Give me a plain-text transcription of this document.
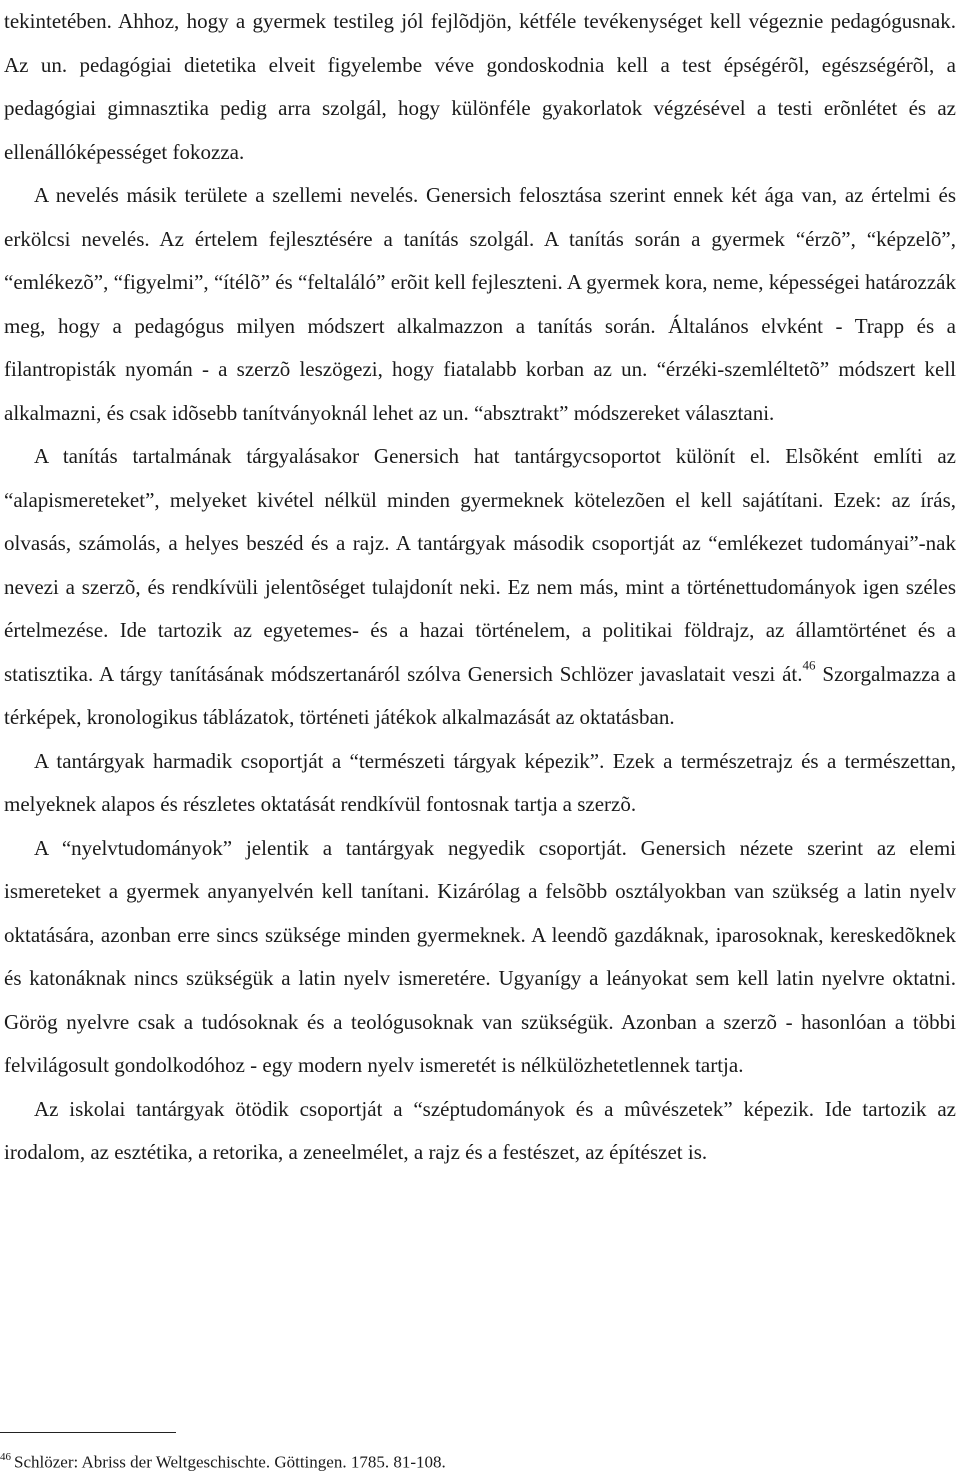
tekintetében. Ahhoz, hogy a gyermek testileg jól fejlõdjön, kétféle tevékenységet kell végeznie pedagógusnak. Az un. pedagógiai dietetika elveit figyelembe véve gondoskodnia kell a test épségérõl, egészségérõl, a pedagógiai gimnasztika pedig arra szolgál, hogy különféle gyakorlatok végzésével a testi erõnlétet és az ellenállóképességet fokozza.

A nevelés másik területe a szellemi nevelés. Genersich felosztása szerint ennek két ága van, az értelmi és erkölcsi nevelés. Az értelem fejlesztésére a tanítás szolgál. A tanítás során a gyermek “érzõ”, “képzelõ”, “emlékezõ”, “figyelmi”, “ítélõ” és “feltaláló” erõit kell fejleszteni. A gyermek kora, neme, képességei határozzák meg, hogy a pedagógus milyen módszert alkalmazzon a tanítás során. Általános elvként - Trapp és a filantropisták nyomán - a szerzõ leszögezi, hogy fiatalabb korban az un. “érzéki-szemléltetõ” módszert kell alkalmazni, és csak idõsebb tanítványoknál lehet az un. “absztrakt” módszereket választani.

A tanítás tartalmának tárgyalásakor Genersich hat tantárgycsoportot különít el. Elsõként említi az “alapismereteket”, melyeket kivétel nélkül minden gyermeknek kötelezõen el kell sajátítani. Ezek: az írás, olvasás, számolás, a helyes beszéd és a rajz. A tantárgyak második csoportját az “emlékezet tudományai”-nak nevezi a szerzõ, és rendkívüli jelentõséget tulajdonít neki. Ez nem más, mint a történettudományok igen széles értelmezése. Ide tartozik az egyetemes- és a hazai történelem, a politikai földrajz, az államtörténet és a statisztika. A tárgy tanításának módszertanáról szólva Genersich Schlözer javaslatait veszi át.$^{46}$ Szorgalmazza a térképek, kronologikus táblázatok, történeti játékok alkalmazását az oktatásban.

A tantárgyak harmadik csoportját a “természeti tárgyak képezik”. Ezek a természetrajz és a természettan, melyeknek alapos és részletes oktatását rendkívül fontosnak tartja a szerzõ.

A “nyelvtudományok” jelentik a tantárgyak negyedik csoportját. Genersich nézete szerint az elemi ismereteket a gyermek anyanyelvén kell tanítani. Kizárólag a felsõbb osztályokban van szükség a latin nyelv oktatására, azonban erre sincs szüksége minden gyermeknek. A leendõ gazdáknak, iparosoknak, kereskedõknek és katonáknak nincs szükségük a latin nyelv ismeretére. Ugyanígy a leányokat sem kell latin nyelvre oktatni. Görög nyelvre csak a tudósoknak és a teológusoknak van szükségük. Azonban a szerzõ - hasonlóan a többi felvilágosult gondolkodóhoz - egy modern nyelv ismeretét is nélkülözhetetlennek tartja.

Az iskolai tantárgyak ötödik csoportját a “széptudományok és a mûvészetek” képezik. Ide tartozik az irodalom, az esztétika, a retorika, a zeneelmélet, a rajz és a festészet, az építészet is.

$^{46}$ Schlözer: Abriss der Weltgeschischte. Göttingen. 1785. 81-108.
